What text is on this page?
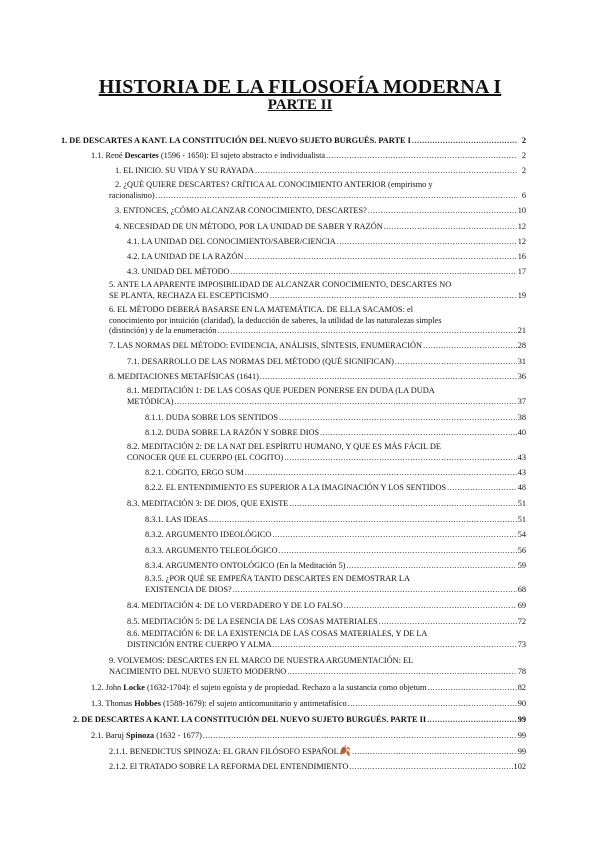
HISTORIA DE LA FILOSOFÍA MODERNA I
PARTE II
1. DE DESCARTES A KANT. LA CONSTITUCIÓN DEL NUEVO SUJETO BURGUÉS. PARTE I .....	2
1.1. René Descartes (1596 - 1650): El sujeto abstracto e individualista .....	2
1. EL INICIO. SU VIDA Y SU RAYADA .....	2
2. ¿QUÉ QUIERE DESCARTES? CRÍTICA AL CONOCIMIENTO ANTERIOR (empirismo y
racionalismo) .....	6
3. ENTONCES, ¿CÓMO ALCANZAR CONOCIMIENTO, DESCARTES? .....	10
4. NECESIDAD DE UN MÉTODO, POR LA UNIDAD DE SABER Y RAZÓN .....	12
4.1. LA UNIDAD DEL CONOCIMIENTO/SABER/CIENCIA .....	12
4.2. LA UNIDAD DE LA RAZÓN .....	16
4.3. UNIDAD DEL MÉTODO .....	17
5. ANTE LA APARENTE IMPOSIBILIDAD DE ALCANZAR CONOCIMIENTO, DESCARTES NO
SE PLANTA, RECHAZA EL ESCEPTICISMO .....	19
6. EL MÉTODO DEBERÁ BASARSE EN LA MATEMÁTICA. DE ELLA SACAMOS: el
conocimiento por intuición (claridad), la deducción de saberes, la utilidad de las naturalezas simples
(distinción) y de la enumeración .....	21
7. LAS NORMAS DEL MÉTODO: EVIDENCIA, ANÁLISIS, SÍNTESIS, ENUMERACIÓN .....	28
7.1. DESARROLLO DE LAS NORMAS DEL MÉTODO (QUÉ SIGNIFICAN) .....	31
8. MEDITACIONES METAFÍSICAS (1641) .....	36
8.1. MEDITACIÓN 1: DE LAS COSAS QUE PUEDEN PONERSE EN DUDA (LA DUDA
METÓDICA) .....	37
8.1.1. DUDA SOBRE LOS SENTIDOS .....	38
8.1.2. DUDA SOBRE LA RAZÓN Y SOBRE DIOS .....	40
8.2. MEDITACIÓN 2: DE LA NAT DEL ESPÍRITU HUMANO, Y QUE ES MÁS FÁCIL DE
CONOCER QUE EL CUERPO (EL COGITO) .....	43
8.2.1. COGITO, ERGO SUM .....	43
8.2.2. EL ENTENDIMIENTO ES SUPERIOR A LA IMAGINACIÓN Y LOS SENTIDOS .....	48
8.3. MEDITACIÓN 3: DE DIOS, QUE EXISTE .....	51
8.3.1. LAS IDEAS .....	51
8.3.2. ARGUMENTO IDEOLÓGICO .....	54
8.3.3. ARGUMENTO TELEOLÓGICO .....	56
8.3.4. ARGUMENTO ONTOLÓGICO (En la Meditación 5) .....	59
8.3.5. ¿POR QUÉ SE EMPEÑA TANTO DESCARTES EN DEMOSTRAR LA
EXISTENCIA DE DIOS? .....	68
8.4. MEDITACIÓN 4: DE LO VERDADERO Y DE LO FALSO .....	69
8.5. MEDITACIÓN 5: DE LA ESENCIA DE LAS COSAS MATERIALES .....	72
8.6. MEDITACIÓN 6: DE LA EXISTENCIA DE LAS COSAS MATERIALES, Y DE LA
DISTINCIÓN ENTRE CUERPO Y ALMA .....	73
9. VOLVEMOS: DESCARTES EN EL MARCO DE NUESTRA ARGUMENTACIÓN: EL
NACIMIENTO DEL NUEVO SUJETO MODERNO .....	78
1.2. John Locke (1632-1704): el sujeto egoísta y de propiedad. Rechazo a la sustancia como objetum .....	82
1.3. Thomas Hobbes (1588-1679): el sujeto anticomunitario y antimetafísico .....	90
2. DE DESCARTES A KANT. LA CONSTITUCIÓN DEL NUEVO SUJETO BURGUÉS. PARTE II .....	99
2.1. Baruj Spinoza (1632 - 1677) .....	99
2.1.1. BENEDICTUS SPINOZA: EL GRAN FILÓSOFO ESPAÑOL 🍂 .....	99
2.1.2. El TRATADO SOBRE LA REFORMA DEL ENTENDIMIENTO .....	102
